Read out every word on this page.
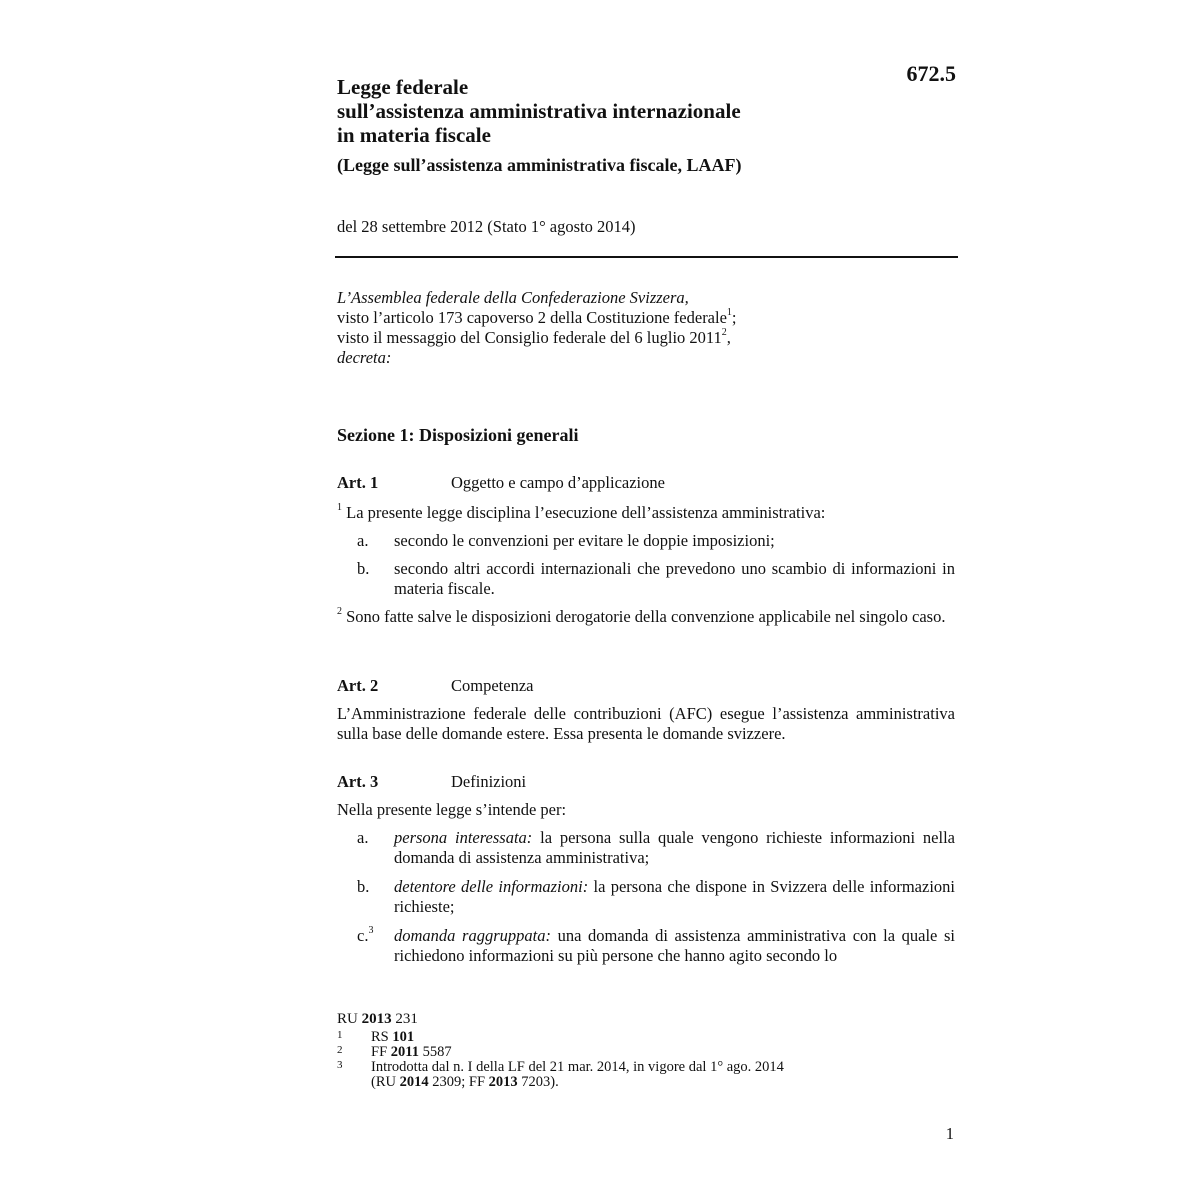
672.5
Legge federale
sull’assistenza amministrativa internazionale
in materia fiscale
(Legge sull’assistenza amministrativa fiscale, LAAF)
del 28 settembre 2012 (Stato 1° agosto 2014)
L’Assemblea federale della Confederazione Svizzera,
visto l’articolo 173 capoverso 2 della Costituzione federale$^1$;
visto il messaggio del Consiglio federale del 6 luglio 2011$^2$,
decreta:
Sezione 1: Disposizioni generali
Art. 1	Oggetto e campo d’applicazione
$^1$ La presente legge disciplina l’esecuzione dell’assistenza amministrativa:
a. secondo le convenzioni per evitare le doppie imposizioni;
b. secondo altri accordi internazionali che prevedono uno scambio di informazioni in materia fiscale.
$^2$ Sono fatte salve le disposizioni derogatorie della convenzione applicabile nel singolo caso.
Art. 2	Competenza
L’Amministrazione federale delle contribuzioni (AFC) esegue l’assistenza amministrativa sulla base delle domande estere. Essa presenta le domande svizzere.
Art. 3	Definizioni
Nella presente legge s’intende per:
a. persona interessata: la persona sulla quale vengono richieste informazioni nella domanda di assistenza amministrativa;
b. detentore delle informazioni: la persona che dispone in Svizzera delle informazioni richieste;
c.$^3$ domanda raggruppata: una domanda di assistenza amministrativa con la quale si richiedono informazioni su più persone che hanno agito secondo lo
RU 2013 231
1 RS 101
2 FF 2011 5587
3 Introdotta dal n. I della LF del 21 mar. 2014, in vigore dal 1° ago. 2014
(RU 2014 2309; FF 2013 7203).
1
